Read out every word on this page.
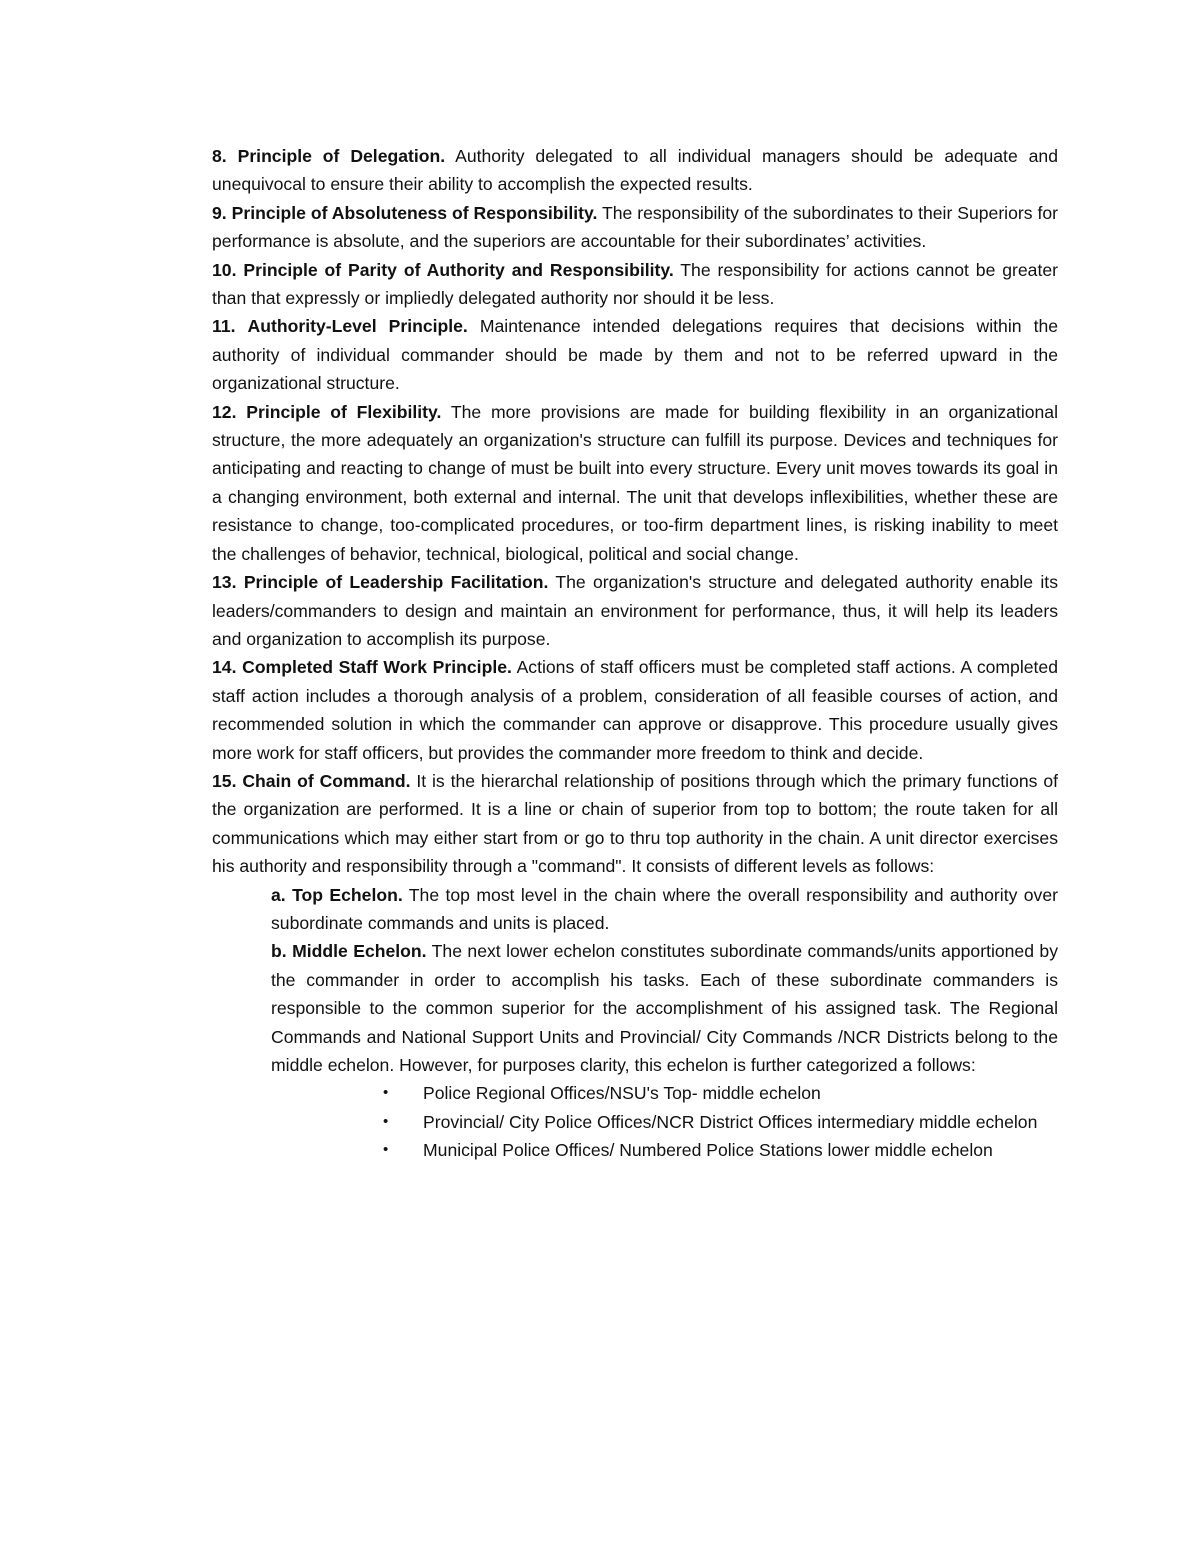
8. Principle of Delegation. Authority delegated to all individual managers should be adequate and unequivocal to ensure their ability to accomplish the expected results.

9. Principle of Absoluteness of Responsibility. The responsibility of the subordinates to their Superiors for performance is absolute, and the superiors are accountable for their subordinates’ activities.

10. Principle of Parity of Authority and Responsibility. The responsibility for actions cannot be greater than that expressly or impliedly delegated authority nor should it be less.

11. Authority-Level Principle. Maintenance intended delegations requires that decisions within the authority of individual commander should be made by them and not to be referred upward in the organizational structure.

12. Principle of Flexibility. The more provisions are made for building flexibility in an organizational structure, the more adequately an organization's structure can fulfill its purpose. Devices and techniques for anticipating and reacting to change of must be built into every structure. Every unit moves towards its goal in a changing environment, both external and internal. The unit that develops inflexibilities, whether these are resistance to change, too-complicated procedures, or too-firm department lines, is risking inability to meet the challenges of behavior, technical, biological, political and social change.

13. Principle of Leadership Facilitation. The organization's structure and delegated authority enable its leaders/commanders to design and maintain an environment for performance, thus, it will help its leaders and organization to accomplish its purpose.

14. Completed Staff Work Principle. Actions of staff officers must be completed staff actions. A completed staff action includes a thorough analysis of a problem, consideration of all feasible courses of action, and recommended solution in which the commander can approve or disapprove. This procedure usually gives more work for staff officers, but provides the commander more freedom to think and decide.

15. Chain of Command. It is the hierarchal relationship of positions through which the primary functions of the organization are performed. It is a line or chain of superior from top to bottom; the route taken for all communications which may either start from or go to thru top authority in the chain. A unit director exercises his authority and responsibility through a "command". It consists of different levels as follows:

a. Top Echelon. The top most level in the chain where the overall responsibility and authority over subordinate commands and units is placed.

b. Middle Echelon. The next lower echelon constitutes subordinate commands/units apportioned by the commander in order to accomplish his tasks. Each of these subordinate commanders is responsible to the common superior for the accomplishment of his assigned task. The Regional Commands and National Support Units and Provincial/ City Commands /NCR Districts belong to the middle echelon. However, for purposes clarity, this echelon is further categorized a follows:

• Police Regional Offices/NSU's Top- middle echelon
• Provincial/ City Police Offices/NCR District Offices intermediary middle echelon
• Municipal Police Offices/ Numbered Police Stations lower middle echelon
